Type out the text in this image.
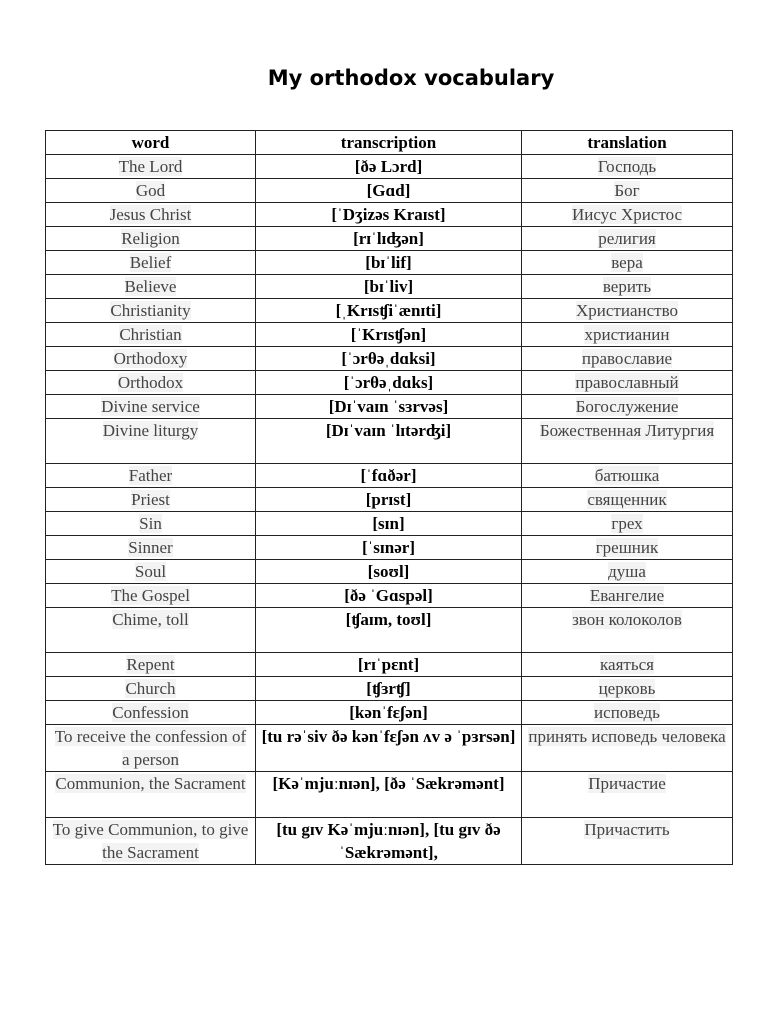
My orthodox vocabulary
word	transcription	translation
The Lord	[ðə Lɔrd]	Господь
God	[Gɑd]	Бог
Jesus Christ	[ˈDʒizəs Kraɪst]	Иисус Христос
Religion	[rɪˈlɪʤən]	религия
Belief	[bɪˈlif]	вера
Believe	[bɪˈliv]	верить
Christianity	[ˌKrɪsʧiˈænɪti]	Христианство
Christian	[ˈKrɪsʧən]	христианин
Orthodoxy	[ˈɔrθəˌdɑksi]	православие
Orthodox	[ˈɔrθəˌdɑks]	православный
Divine service	[Dɪˈvaɪn ˈsɜrvəs]	Богослужение
Divine liturgy	[Dɪˈvaɪn ˈlɪtərʤi]	Божественная Литургия
Father	[ˈfɑðər]	батюшка
Priest	[prɪst]	священник
Sin	[sɪn]	грех
Sinner	[ˈsɪnər]	грешник
Soul	[soʊl]	душа
The Gospel	[ðə ˈGɑspəl]	Евангелие
Chime, toll	[ʧaɪm, toʊl]	звон колоколов
Repent	[rɪˈpɛnt]	каяться
Church	[ʧɜrʧ]	церковь
Confession	[kənˈfɛʃən]	исповедь
To receive the confession of a person	[tu rəˈsiv ðə kənˈfɛʃən ʌv ə ˈpɜrsən]	принять исповедь человека
Communion, the Sacrament	[Kəˈmjuːnɪən], [ðə ˈSækrəmənt]	Причастие
To give Communion, to give the Sacrament	[tu gɪv Kəˈmjuːnɪən], [tu gɪv ðə ˈSækrəmənt],	Причастить
